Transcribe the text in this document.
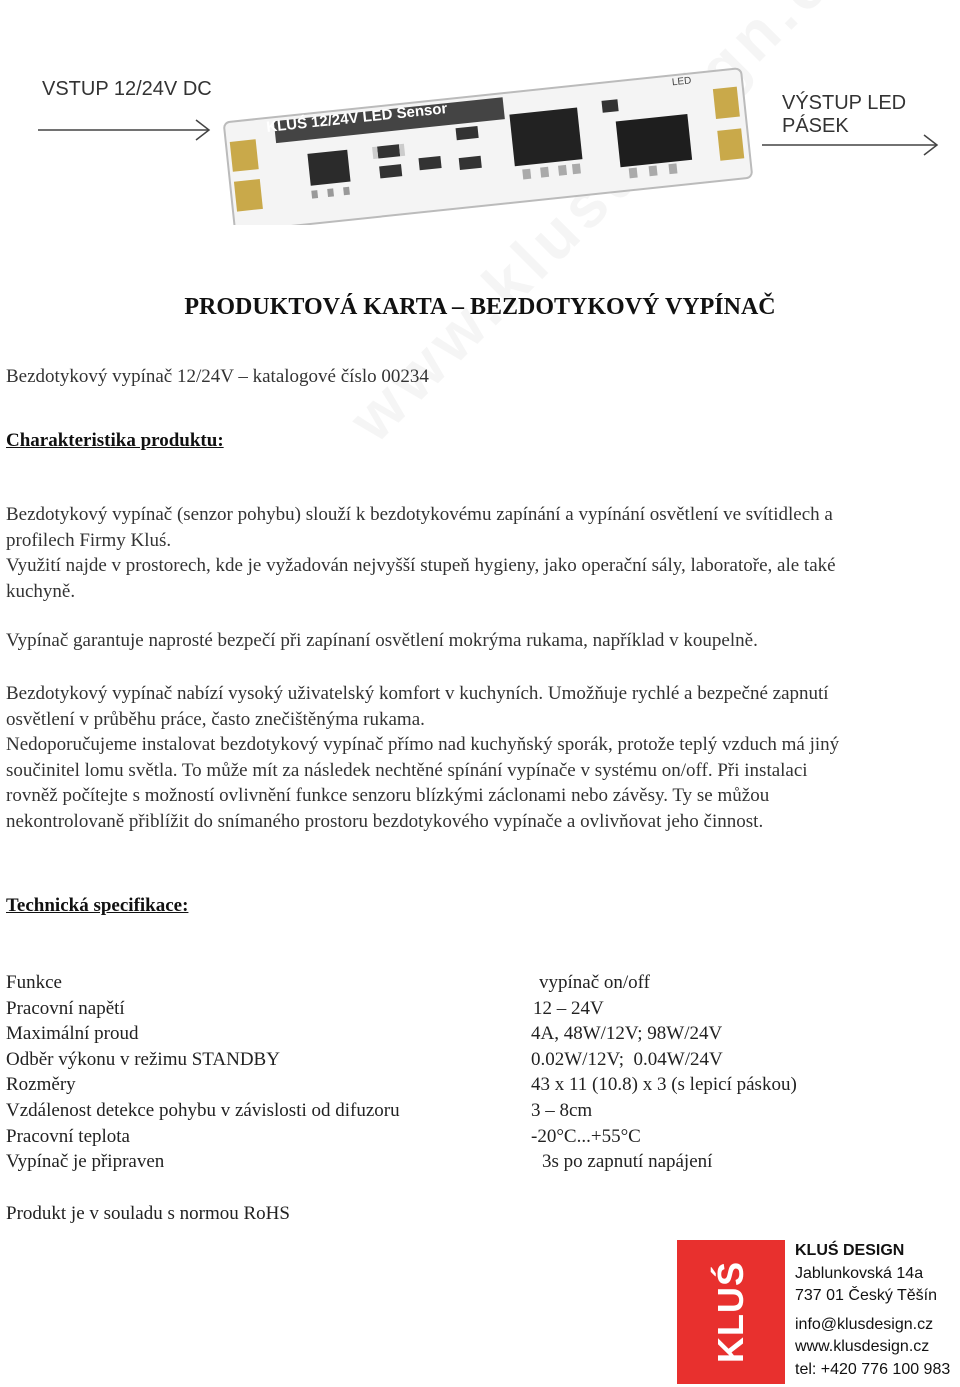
VSTUP 12/24V DC
VÝSTUP LED PÁSEK
KLUŚ 12/24V LED Sensor
LED
PRODUKTOVÁ KARTA – BEZDOTYKOVÝ VYPÍNAČ
Bezdotykový vypínač 12/24V – katalogové číslo 00234
Charakteristika produktu:
Bezdotykový vypínač (senzor pohybu) slouží k bezdotykovému zapínání a vypínání osvětlení ve svítidlech a profilech Firmy Kluś.
Využití najde v prostorech, kde je vyžadován nejvyšší stupeň hygieny, jako operační sály, laboratoře, ale také kuchyně.
Vypínač garantuje naprosté bezpečí při zapínaní osvětlení mokrýma rukama, například v koupelně.
Bezdotykový vypínač nabízí vysoký uživatelský komfort v kuchyních. Umožňuje rychlé a bezpečné zapnutí osvětlení v průběhu práce, často znečištěnýma rukama.
Nedoporučujeme instalovat bezdotykový vypínač přímo nad kuchyňský sporák, protože teplý vzduch má jiný součinitel lomu světla. To může mít za následek nechtěné spínání vypínače v systému on/off. Při instalaci rovněž počítejte s možností ovlivnění funkce senzoru blízkými záclonami nebo závěsy. Ty se můžou nekontrolovaně přiblížit do snímaného prostoru bezdotykového vypínače a ovlivňovat jeho činnost.
Technická specifikace:
Funkce	vypínač on/off
Pracovní napětí	12 – 24V
Maximální proud	4A, 48W/12V; 98W/24V
Odběr výkonu v režimu STANDBY	0.02W/12V;  0.04W/24V
Rozměry	43 x 11 (10.8) x 3 (s lepicí páskou)
Vzdálenost detekce pohybu v závislosti od difuzoru	3 – 8cm
Pracovní teplota	-20°C...+55°C
Vypínač je připraven	3s po zapnutí napájení
Produkt je v souladu s normou RoHS
KLUŚ
KLUŚ DESIGN
Jablunkovská 14a
737 01 Český Těšín
info@klusdesign.cz
www.klusdesign.cz
tel: +420 776 100 983
